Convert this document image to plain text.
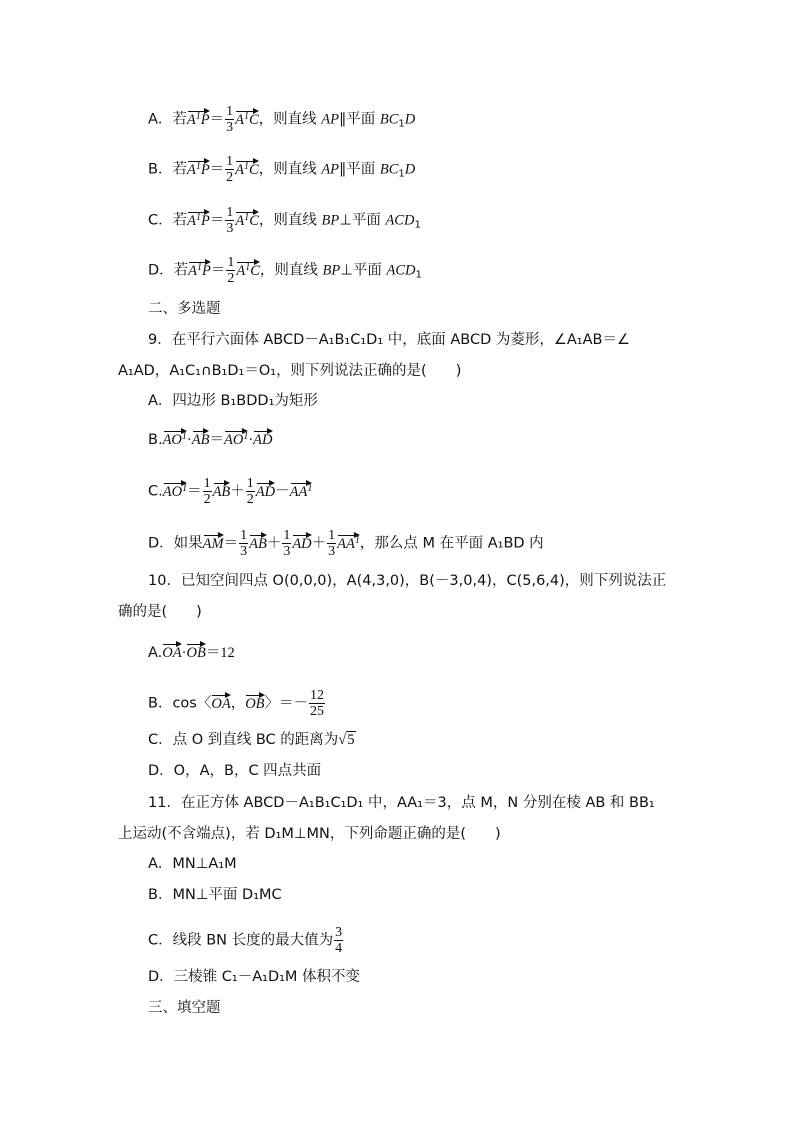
A．若$A^1P= \frac{1}{3} A^1C$，则直线 AP∥平面 $BC_1D$
B．若$A^1P= \frac{1}{2} A^1C$，则直线 AP∥平面 $BC_1D$
C．若$A^1P= \frac{1}{3} A^1C$，则直线 BP⊥平面 $ACD_1$
D．若$A^1P= \frac{1}{2} A^1C$，则直线 BP⊥平面 $ACD_1$
二、多选题
9．在平行六面体 ABCD－A₁B₁C₁D₁ 中，底面 ABCD 为菱形，∠A₁AB＝∠
A₁AD，A₁C₁∩B₁D₁＝O₁，则下列说法正确的是(　　)
A．四边形 B₁BDD₁为矩形
$B.AO^1\cdot AB=AO^1\cdot AD$
$C.AO^1= \frac{1}{2} AB+ \frac{1}{2} AD-AA^1$
D．如果$AM= \frac{1}{3} AB+ \frac{1}{3} AD+ \frac{1}{3} AA^1$，那么点 M 在平面 A₁BD 内
10．已知空间四点 O(0,0,0)，A(4,3,0)，B(－3,0,4)，C(5,6,4)，则下列说法正
确的是(　　)
A.OA·OB＝12
B．cos〈OA，OB〉＝－ $\frac{12}{25}$
C．点 O 到直线 BC 的距离为√5
D．O，A，B，C 四点共面
11．在正方体 ABCD－A₁B₁C₁D₁ 中，AA₁＝3，点 M，N 分别在棱 AB 和 BB₁
上运动(不含端点)，若 D₁M⊥MN，下列命题正确的是(　　)
A．MN⊥A₁M
B．MN⊥平面 D₁MC
C．线段 BN 长度的最大值为 $\frac{3}{4}$
D．三棱锥 C₁－A₁D₁M 体积不变
三、填空题
